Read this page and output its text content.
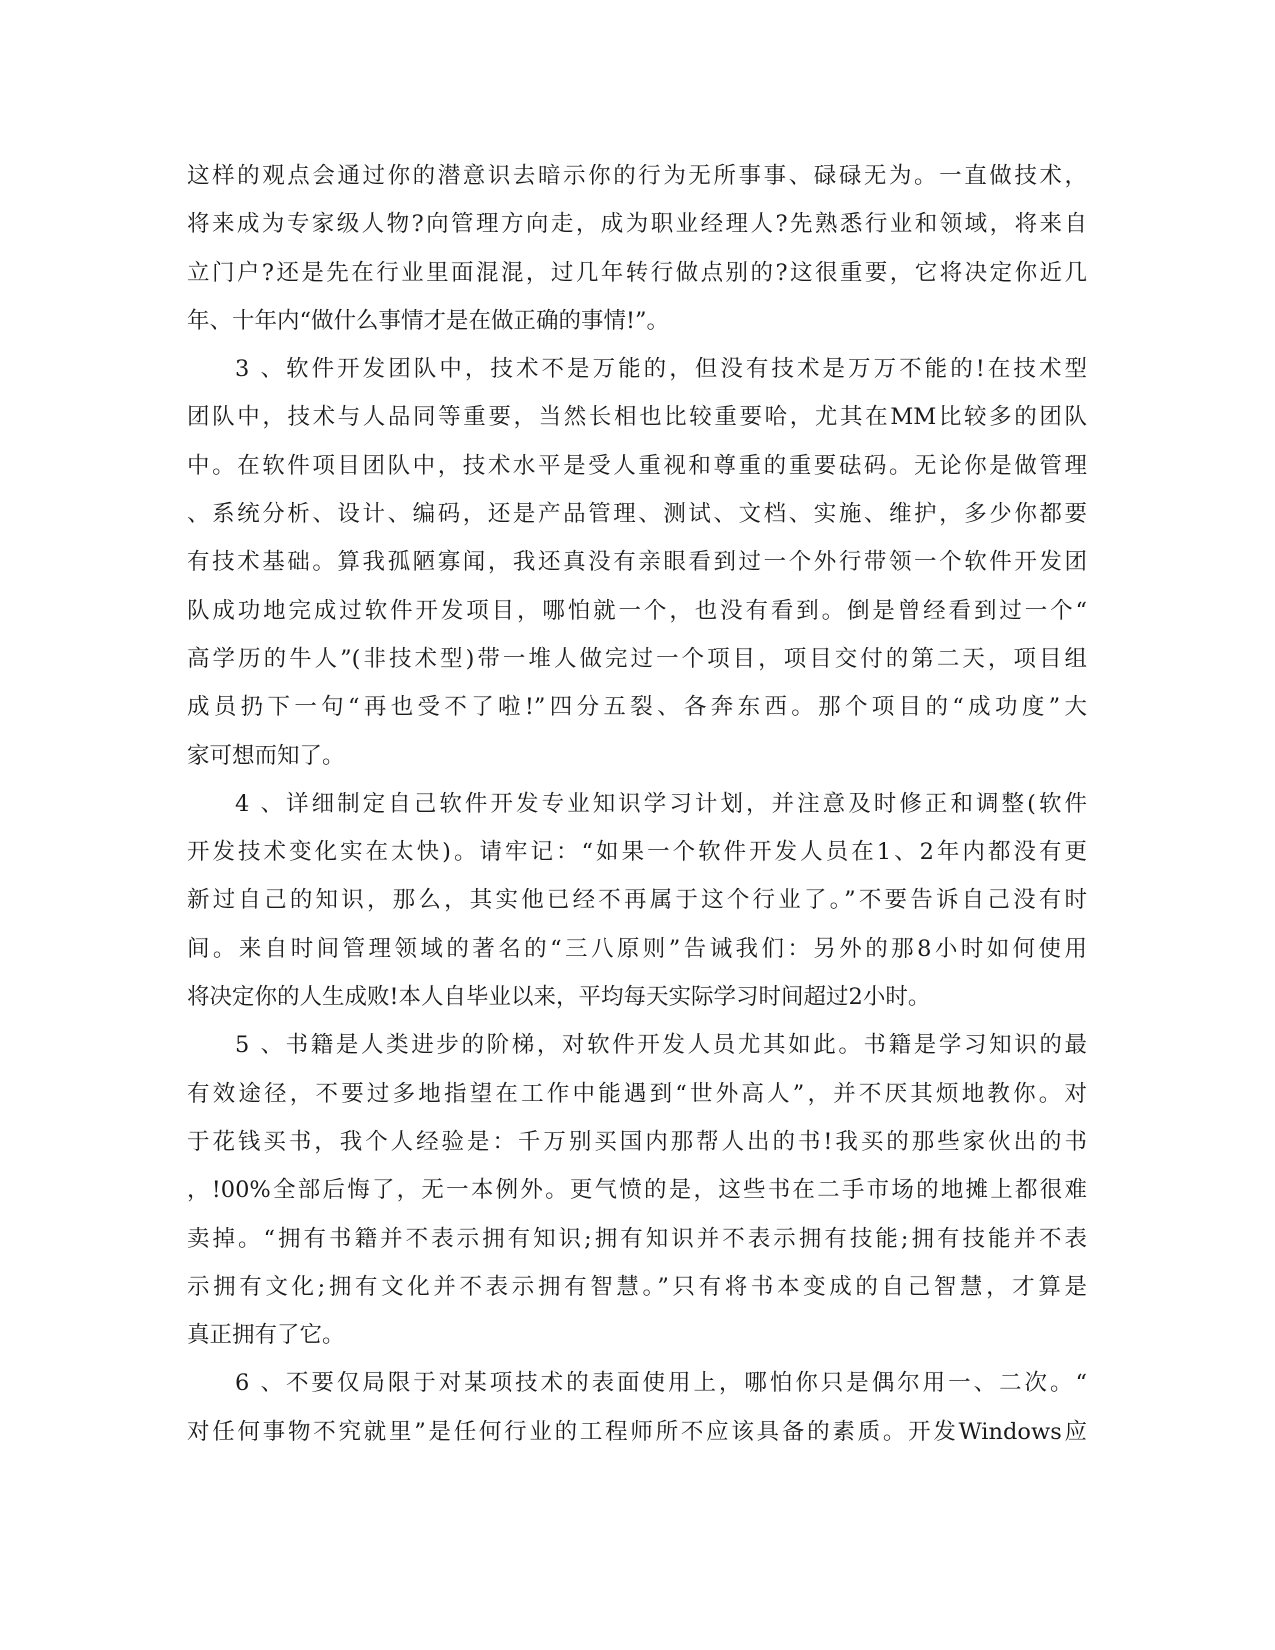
这样的观点会通过你的潜意识去暗示你的行为无所事事、碌碌无为。一直做技术，
将来成为专家级人物?向管理方向走，成为职业经理人?先熟悉行业和领域，将来自
立门户?还是先在行业里面混混，过几年转行做点别的?这很重要，它将决定你近几
年、十年内“做什么事情才是在做正确的事情!”。
3、软件开发团队中，技术不是万能的，但没有技术是万万不能的!在技术型
团队中，技术与人品同等重要，当然长相也比较重要哈，尤其在MM比较多的团队
中。在软件项目团队中，技术水平是受人重视和尊重的重要砝码。无论你是做管理
、系统分析、设计、编码，还是产品管理、测试、文档、实施、维护，多少你都要
有技术基础。算我孤陋寡闻，我还真没有亲眼看到过一个外行带领一个软件开发团
队成功地完成过软件开发项目，哪怕就一个，也没有看到。倒是曾经看到过一个“
高学历的牛人”(非技术型)带一堆人做完过一个项目，项目交付的第二天，项目组
成员扔下一句“再也受不了啦!”四分五裂、各奔东西。那个项目的“成功度”大
家可想而知了。
4、详细制定自己软件开发专业知识学习计划，并注意及时修正和调整(软件
开发技术变化实在太快)。请牢记：“如果一个软件开发人员在1、2年内都没有更
新过自己的知识，那么，其实他已经不再属于这个行业了。”不要告诉自己没有时
间。来自时间管理领域的著名的“三八原则”告诫我们：另外的那8小时如何使用
将决定你的人生成败!本人自毕业以来，平均每天实际学习时间超过2小时。
5、书籍是人类进步的阶梯，对软件开发人员尤其如此。书籍是学习知识的最
有效途径，不要过多地指望在工作中能遇到“世外高人”，并不厌其烦地教你。对
于花钱买书，我个人经验是：千万别买国内那帮人出的书!我买的那些家伙出的书
，!00%全部后悔了，无一本例外。更气愤的是，这些书在二手市场的地摊上都很难
卖掉。“拥有书籍并不表示拥有知识;拥有知识并不表示拥有技能;拥有技能并不表
示拥有文化;拥有文化并不表示拥有智慧。”只有将书本变成的自己智慧，才算是
真正拥有了它。
6、不要仅局限于对某项技术的表面使用上，哪怕你只是偶尔用一、二次。“
对任何事物不究就里”是任何行业的工程师所不应该具备的素质。开发Windows应
